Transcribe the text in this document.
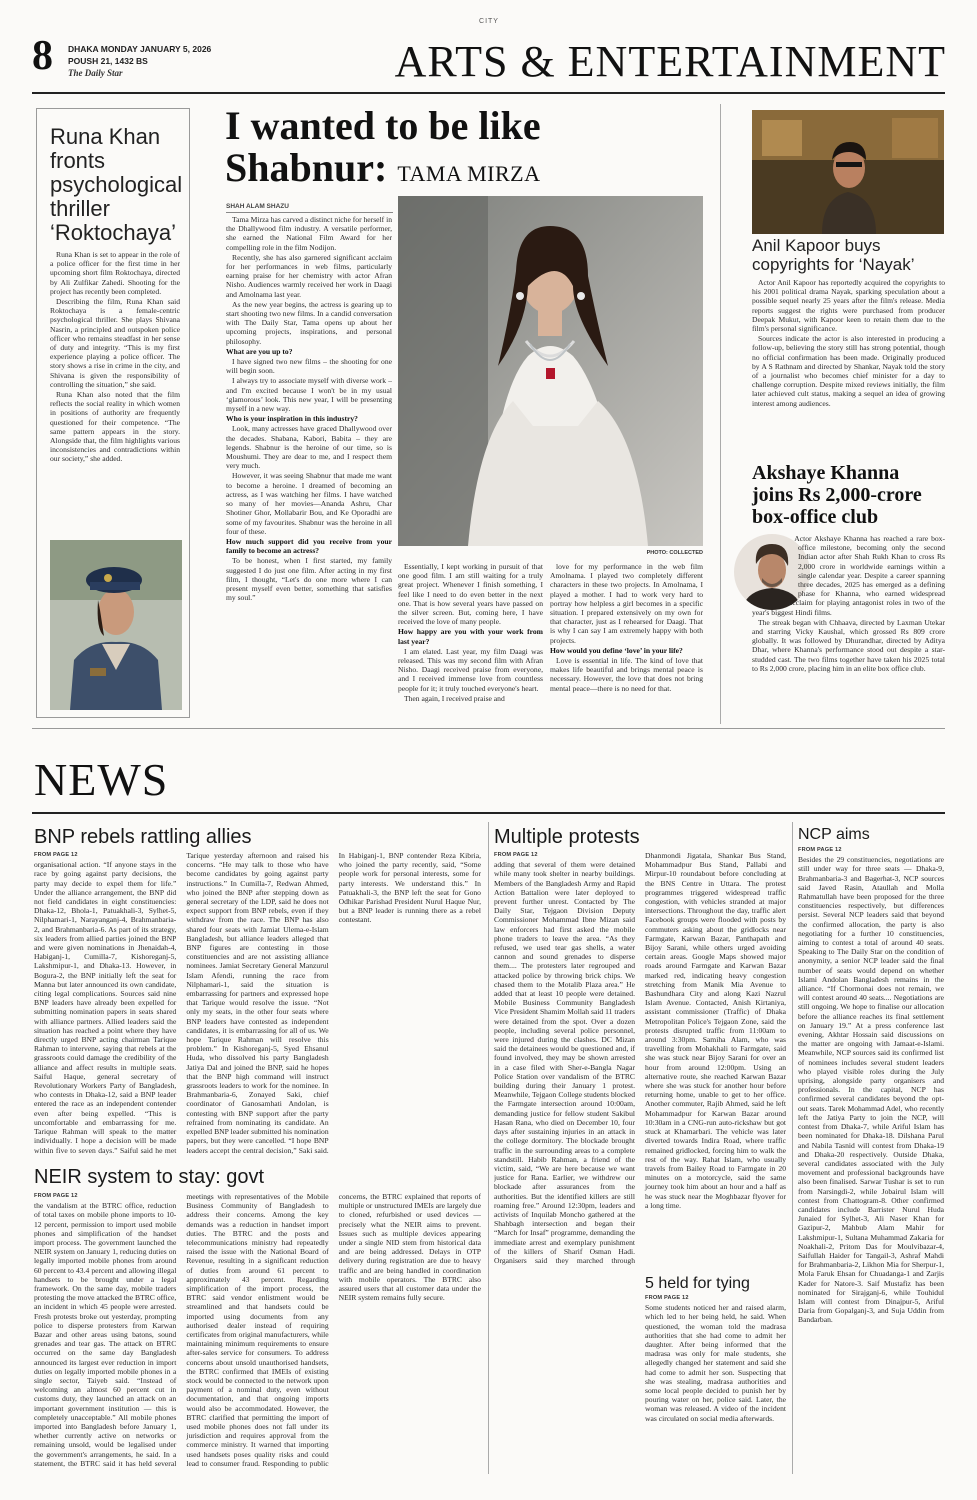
CITY
8 DHAKA MONDAY JANUARY 5, 2026
POUSH 21, 1432 BS
The Daily Star	ARTS & ENTERTAINMENT
Runa Khan fronts psychological thriller ‘Roktochaya’

Runa Khan is set to appear in the role of a police officer for the first time in her upcoming short film Roktochaya, directed by Ali Zulfikar Zahedi. Shooting for the project has recently been completed.

Describing the film, Runa Khan said Roktochaya is a female-centric psychological thriller. She plays Shivana Nasrin, a principled and outspoken police officer who remains steadfast in her sense of duty and integrity. “This is my first experience playing a police officer. The story shows a rise in crime in the city, and Shivana is given the responsibility of controlling the situation,” she said.

Runa Khan also noted that the film reflects the social reality in which women in positions of authority are frequently questioned for their competence. “The same pattern appears in the story. Alongside that, the film highlights various inconsistencies and contradictions within our society,” she added.

I wanted to be like
Shabnur: TAMA MIRZA
SHAH ALAM SHAZU

Tama Mirza has carved a distinct niche for herself in the Dhallywood film industry. A versatile performer, she earned the National Film Award for her compelling role in the film Nodijon.

Recently, she has also garnered significant acclaim for her performances in web films, particularly earning praise for her chemistry with actor Afran Nisho. Audiences warmly received her work in Daagi and Amolnama last year.

As the new year begins, the actress is gearing up to start shooting two new films. In a candid conversation with The Daily Star, Tama opens up about her upcoming projects, inspirations, and personal philosophy.

What are you up to?

I have signed two new films – the shooting for one will begin soon.

I always try to associate myself with diverse work – and I'm excited because I won't be in my usual ‘glamorous’ look. This new year, I will be presenting myself in a new way.

Who is your inspiration in this industry?

Look, many actresses have graced Dhallywood over the decades. Shabana, Kabori, Babita – they are legends. Shabnur is the heroine of our time, so is Moushumi. They are dear to me, and I respect them very much.

However, it was seeing Shabnur that made me want to become a heroine. I dreamed of becoming an actress, as I was watching her films. I have watched so many of her movies—Ananda Ashru, Char Shotiner Ghor, Mollabarir Bou, and Ke Oporadhi are some of my favourites. Shabnur was the heroine in all four of these.

How much support did you receive from your family to become an actress?

To be honest, when I first started, my family suggested I do just one film. After acting in my first film, I thought, “Let's do one more where I can present myself even better, something that satisfies my soul.”

PHOTO: COLLECTED

Essentially, I kept working in pursuit of that one good film. I am still waiting for a truly great project. Whenever I finish something, I feel like I need to do even better in the next one. That is how several years have passed on the silver screen. But, coming here, I have received the love of many people.

How happy are you with your work from last year?

I am elated. Last year, my film Daagi was released. This was my second film with Afran Nisho. Daagi received praise from everyone, and I received immense love from countless people for it; it truly touched everyone's heart.

Then again, I received praise and

love for my performance in the web film Amolnama. I played two completely different characters in these two projects. In Amolnama, I played a mother. I had to work very hard to portray how helpless a girl becomes in a specific situation. I prepared extensively on my own for that character, just as I rehearsed for Daagi. That is why I can say I am extremely happy with both projects.

How would you define ‘love’ in your life?

Love is essential in life. The kind of love that makes life beautiful and brings mental peace is necessary. However, the love that does not bring mental peace—there is no need for that.

Anil Kapoor buys copyrights for ‘Nayak’

Actor Anil Kapoor has reportedly acquired the copyrights to his 2001 political drama Nayak, sparking speculation about a possible sequel nearly 25 years after the film's release. Media reports suggest the rights were purchased from producer Deepak Mukut, with Kapoor keen to retain them due to the film's personal significance.

Sources indicate the actor is also interested in producing a follow-up, believing the story still has strong potential, though no official confirmation has been made. Originally produced by A S Rathnam and directed by Shankar, Nayak told the story of a journalist who becomes chief minister for a day to challenge corruption. Despite mixed reviews initially, the film later achieved cult status, making a sequel an idea of growing interest among audiences.

Akshaye Khanna joins Rs 2,000-crore box-office club

Actor Akshaye Khanna has reached a rare box-office milestone, becoming only the second Indian actor after Shah Rukh Khan to cross Rs 2,000 crore in worldwide earnings within a single calendar year. Despite a career spanning three decades, 2025 has emerged as a defining phase for Khanna, who earned widespread acclaim for playing antagonist roles in two of the year's biggest Hindi films.

The streak began with Chhaava, directed by Laxman Utekar and starring Vicky Kaushal, which grossed Rs 809 crore globally. It was followed by Dhurandhar, directed by Aditya Dhar, where Khanna's performance stood out despite a star-studded cast. The two films together have taken his 2025 total to Rs 2,000 crore, placing him in an elite box office club.

NEWS
BNP rebels rattling allies
FROM PAGE 12

organisational action. “If anyone stays in the race by going against party decisions, the party may decide to expel them for life.” Under the alliance arrangement, the BNP did not field candidates in eight constituencies: Dhaka-12, Bhola-1, Patuakhali-3, Sylhet-5, Nilphamari-1, Narayanganj-4, Brahmanbaria-2, and Brahmanbaria-6. As part of its strategy, six leaders from allied parties joined the BNP and were given nominations in Jhenaidah-4, Habiganj-1, Cumilla-7, Kishoreganj-5, Lakshmipur-1, and Dhaka-13. However, in Bogura-2, the BNP initially left the seat for Manna but later announced its own candidate, citing legal complications. Sources said nine BNP leaders have already been expelled for submitting nomination papers in seats shared with alliance partners. Allied leaders said the situation has reached a point where they have directly urged BNP acting chairman Tarique Rahman to intervene, saying that rebels at the grassroots could damage the credibility of the alliance and affect results in multiple seats. Saiful Haque, general secretary of Revolutionary Workers Party of Bangladesh, who contests in Dhaka-12, said a BNP leader entered the race as an independent contender even after being expelled. “This is uncomfortable and embarrassing for me. Tarique Rahman will speak to the matter individually. I hope a decision will be made within five to seven days.” Saiful said he met Tarique yesterday afternoon and raised his concerns. “He may talk to those who have become candidates by going against party instructions.” In Cumilla-7, Redwan Ahmed, who joined the BNP after stepping down as general secretary of the LDP, said he does not expect support from BNP rebels, even if they withdraw from the race. The BNP has also shared four seats with Jamiat Ulema-e-Islam Bangladesh, but alliance leaders alleged that BNP figures are contesting in those constituencies and are not assisting alliance nominees. Jamiat Secretary General Manzurul Islam Afendi, running the race from Nilphamari-1, said the situation is embarrassing for partners and expressed hope that Tarique would resolve the issue. “Not only my seats, in the other four seats where BNP leaders have contested as independent candidates, it is embarrassing for all of us. We hope Tarique Rahman will resolve this problem.” In Kishoreganj-5, Syed Ehsanul Huda, who dissolved his party Bangladesh Jatiya Dal and joined the BNP, said he hopes that the BNP high command will instruct grassroots leaders to work for the nominee. In Brahmanbaria-6, Zonayed Saki, chief coordinator of Ganosamhati Andolan, is contesting with BNP support after the party refrained from nominating its candidate. An expelled BNP leader submitted his nomination papers, but they were cancelled. “I hope BNP leaders accept the central decision,” Saki said. In Habiganj-1, BNP contender Reza Kibria, who joined the party recently, said, “Some people work for personal interests, some for party interests. We understand this.” In Patuakhali-3, the BNP left the seat for Gono Odhikar Parishad President Nurul Haque Nur, but a BNP leader is running there as a rebel contestant.

NEIR system to stay: govt
FROM PAGE 12

the vandalism at the BTRC office, reduction of total taxes on mobile phone imports to 10-12 percent, permission to import used mobile phones and simplification of the handset import process. The government launched the NEIR system on January 1, reducing duties on legally imported mobile phones from around 60 percent to 43.4 percent and allowing illegal handsets to be brought under a legal framework. On the same day, mobile traders protesting the move attacked the BTRC office, an incident in which 45 people were arrested. Fresh protests broke out yesterday, prompting police to disperse protesters from Karwan Bazar and other areas using batons, sound grenades and tear gas. The attack on BTRC occurred on the same day Bangladesh announced its largest ever reduction in import duties on legally imported mobile phones in a single sector, Taiyeb said. “Instead of welcoming an almost 60 percent cut in customs duty, they launched an attack on an important government institution — this is completely unacceptable.” All mobile phones imported into Bangladesh before January 1, whether currently active on networks or remaining unsold, would be legalised under the government's arrangements, he said. In a statement, the BTRC said it has held several meetings with representatives of the Mobile Business Community of Bangladesh to address their concerns. Among the key demands was a reduction in handset import duties. The BTRC and the posts and telecommunications ministry had repeatedly raised the issue with the National Board of Revenue, resulting in a significant reduction of duties from around 61 percent to approximately 43 percent. Regarding simplification of the import process, the BTRC said vendor enlistment would be streamlined and that handsets could be imported using documents from any authorised dealer instead of requiring certificates from original manufacturers, while maintaining minimum requirements to ensure after-sales service for consumers. To address concerns about unsold unauthorised handsets, the BTRC confirmed that IMEIs of existing stock would be connected to the network upon payment of a nominal duty, even without documentation, and that ongoing imports would also be accommodated. However, the BTRC clarified that permitting the import of used mobile phones does not fall under its jurisdiction and requires approval from the commerce ministry. It warned that importing used handsets poses quality risks and could lead to consumer fraud. Responding to public concerns, the BTRC explained that reports of multiple or unstructured IMEIs are largely due to cloned, refurbished or used devices — precisely what the NEIR aims to prevent. Issues such as multiple devices appearing under a single NID stem from historical data and are being addressed. Delays in OTP delivery during registration are due to heavy traffic and are being handled in coordination with mobile operators. The BTRC also assured users that all customer data under the NEIR system remains fully secure.

Multiple protests
FROM PAGE 12

adding that several of them were detained while many took shelter in nearby buildings. Members of the Bangladesh Army and Rapid Action Battalion were later deployed to prevent further unrest. Contacted by The Daily Star, Tejgaon Division Deputy Commissioner Mohammad Ibne Mizan said law enforcers had first asked the mobile phone traders to leave the area. “As they refused, we used tear gas shells, a water cannon and sound grenades to disperse them.... The protesters later regrouped and attacked police by throwing brick chips. We chased them to the Motalib Plaza area.” He added that at least 10 people were detained. Mobile Business Community Bangladesh Vice President Shamim Mollah said 11 traders were detained from the spot. Over a dozen people, including several police personnel, were injured during the clashes. DC Mizan said the detainees would be questioned and, if found involved, they may be shown arrested in a case filed with Sher-e-Bangla Nagar Police Station over vandalism of the BTRC building during their January 1 protest. Meanwhile, Tejgaon College students blocked the Farmgate intersection around 10:00am, demanding justice for fellow student Sakibul Hasan Rana, who died on December 10, four days after sustaining injuries in an attack in the college dormitory. The blockade brought traffic in the surrounding areas to a complete standstill. Habib Rahman, a friend of the victim, said, “We are here because we want justice for Rana. Earlier, we withdrew our blockade after assurances from the authorities. But the identified killers are still roaming free.” Around 12:30pm, leaders and activists of Inquilab Moncho gathered at the Shahbagh intersection and began their “March for Insaf” programme, demanding the immediate arrest and exemplary punishment of the killers of Sharif Osman Hadi. Organisers said they marched through Dhanmondi Jigatala, Shankar Bus Stand, Mohammadpur Bus Stand, Pallabi and Mirpur-10 roundabout before concluding at the BNS Centre in Uttara. The protest programmes triggered widespread traffic congestion, with vehicles stranded at major intersections. Throughout the day, traffic alert Facebook groups were flooded with posts by commuters asking about the gridlocks near Farmgate, Karwan Bazar, Panthapath and Bijoy Sarani, while others urged avoiding certain areas. Google Maps showed major roads around Farmgate and Karwan Bazar marked red, indicating heavy congestion stretching from Manik Mia Avenue to Bashundhara City and along Kazi Nazrul Islam Avenue. Contacted, Anish Kirtaniya, assistant commissioner (Traffic) of Dhaka Metropolitan Police's Tejgaon Zone, said the protests disrupted traffic from 11:00am to around 3:30pm. Samiha Alam, who was travelling from Mohakhali to Farmgate, said she was stuck near Bijoy Sarani for over an hour from around 12:00pm. Using an alternative route, she reached Karwan Bazar where she was stuck for another hour before returning home, unable to get to her office. Another commuter, Rajib Ahmed, said he left Mohammadpur for Karwan Bazar around 10:30am in a CNG-run auto-rickshaw but got stuck at Khamarbari. The vehicle was later diverted towards Indira Road, where traffic remained gridlocked, forcing him to walk the rest of the way. Rahat Islam, who usually travels from Bailey Road to Farmgate in 20 minutes on a motorcycle, said the same journey took him about an hour and a half as he was stuck near the Moghbazar flyover for a long time.

5 held for tying
FROM PAGE 12

Some students noticed her and raised alarm, which led to her being held, he said. When questioned, the woman told the madrasa authorities that she had come to admit her daughter. After being informed that the madrasa was only for male students, she allegedly changed her statement and said she had come to admit her son. Suspecting that she was stealing, madrasa authorities and some local people decided to punish her by pouring water on her, police said. Later, the woman was released. A video of the incident was circulated on social media afterwards.

NCP aims
FROM PAGE 12

Besides the 29 constituencies, negotiations are still under way for three seats — Dhaka-9, Brahmanbaria-3 and Bagerhat-3, NCP sources said Javed Rasin, Ataullah and Molla Rahmatullah have been proposed for the three constituencies respectively, but differences persist. Several NCP leaders said that beyond the confirmed allocation, the party is also negotiating for a further 10 constituencies, aiming to contest a total of around 40 seats. Speaking to The Daily Star on the condition of anonymity, a senior NCP leader said the final number of seats would depend on whether Islami Andolan Bangladesh remains in the alliance. “If Chormonai does not remain, we will contest around 40 seats.... Negotiations are still ongoing. We hope to finalise our allocation before the alliance reaches its final settlement on January 19.” At a press conference last evening, Akhtar Hossain said discussions on the matter are ongoing with Jamaat-e-Islami. Meanwhile, NCP sources said its confirmed list of nominees includes several student leaders who played visible roles during the July uprising, alongside party organisers and professionals. In the capital, NCP has confirmed several candidates beyond the opt-out seats. Tarek Mohammad Adel, who recently left the Jatiya Party to join the NCP, will contest from Dhaka-7, while Ariful Islam has been nominated for Dhaka-18. Dilshana Parul and Nabila Tasnid will contest from Dhaka-19 and Dhaka-20 respectively. Outside Dhaka, several candidates associated with the July movement and professional backgrounds have also been finalised. Sarwar Tushar is set to run from Narsingdi-2, while Jobairul Islam will contest from Chattogram-8. Other confirmed candidates include Barrister Nurul Huda Junaied for Sylhet-3, Ali Naser Khan for Gazipur-2, Mahbub Alam Mahir for Lakshmipur-1, Sultana Muhammad Zakaria for Noakhali-2, Pritom Das for Moulvibazar-4, Saifullah Haider for Tangail-3, Ashraf Mahdi for Brahmanbaria-2, Likhon Mia for Sherpur-1, Mola Faruk Ehsan for Chuadanga-1 and Zarjis Kader for Natore-3. Saif Mustafiz has been nominated for Sirajganj-6, while Touhidul Islam will contest from Dinajpur-5, Ariful Daria from Gopalganj-3, and Suja Uddin from Bandarban.
